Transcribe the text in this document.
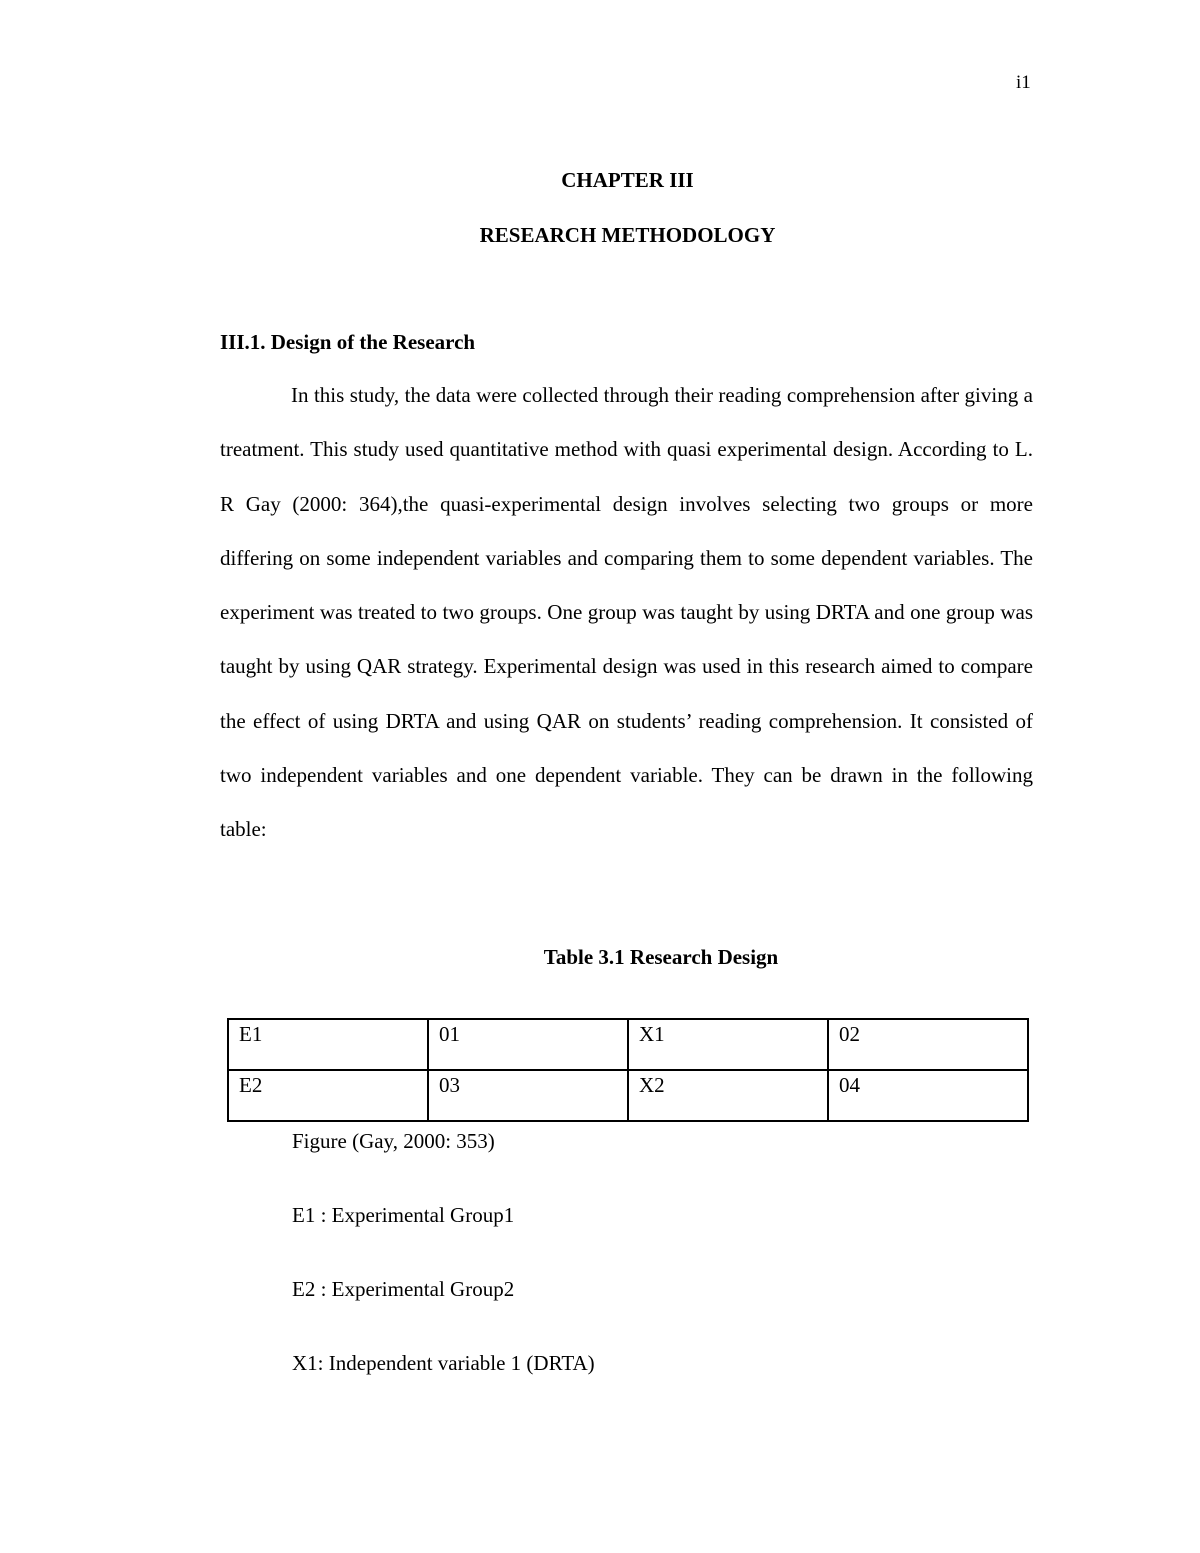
i1
CHAPTER III
RESEARCH METHODOLOGY
III.1. Design of the Research

In this study, the data were collected through their reading comprehension after giving a treatment. This study used quantitative method with quasi experimental design. According to L. R Gay (2000: 364),the quasi-experimental design involves selecting two groups or more differing on some independent variables and comparing them to some dependent variables. The experiment was treated to two groups. One group was taught by using DRTA and one group was taught by using QAR strategy. Experimental design was used in this research aimed to compare the effect of using DRTA and using QAR on students’ reading comprehension. It consisted of two independent variables and one dependent variable. They can be drawn in the following table:

Table 3.1 Research Design
E1	01	X1	02
E2	03	X2	04
Figure (Gay, 2000: 353)
E1 : Experimental Group1
E2 : Experimental Group2
X1: Independent variable 1 (DRTA)
